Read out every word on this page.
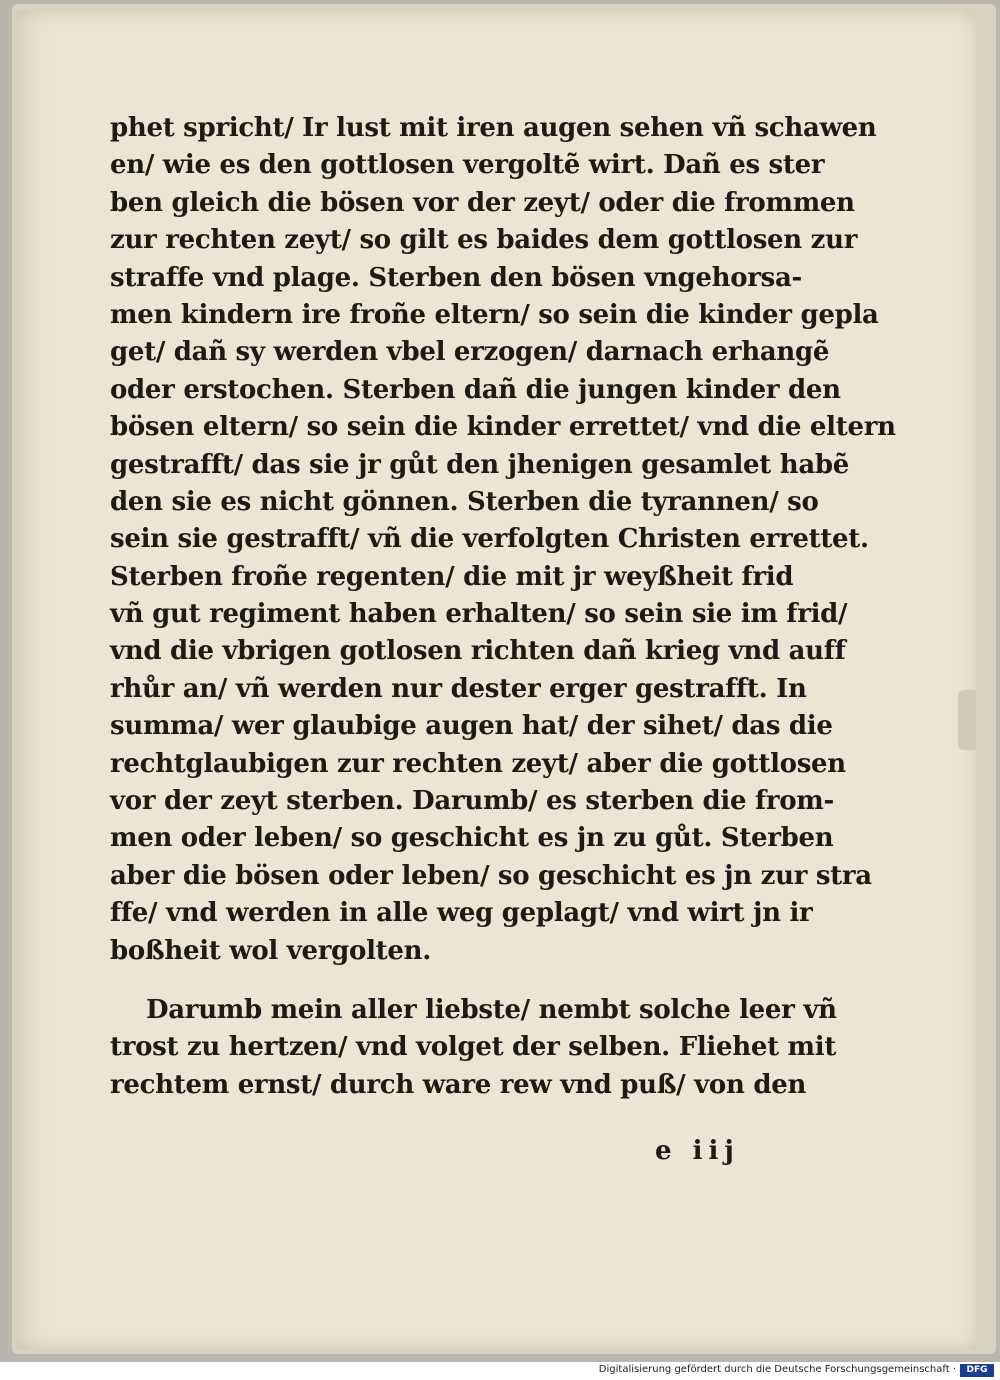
phet spricht/ Ir lust mit iren augen sehen vñ schawen
en/ wie es den gottlosen vergoltẽ wirt. Dañ es ster
ben gleich die bösen vor der zeyt/ oder die frommen
zur rechten zeyt/ so gilt es baides dem gottlosen zur
straffe vnd plage. Sterben den bösen vngehorsa-
men kindern ire froñe eltern/ so sein die kinder gepla
get/ dañ sy werden vbel erzogen/ darnach erhangẽ
oder erstochen. Sterben dañ die jungen kinder den
bösen eltern/ so sein die kinder errettet/ vnd die eltern
gestrafft/ das sie jr gůt den jhenigen gesamlet habẽ
den sie es nicht gönnen. Sterben die tyrannen/ so
sein sie gestrafft/ vñ die verfolgten Christen errettet.
Sterben froñe regenten/ die mit jr weyßheit frid
vñ gut regiment haben erhalten/ so sein sie im frid/
vnd die vbrigen gotlosen richten dañ krieg vnd auff
rhůr an/ vñ werden nur dester erger gestrafft. In
summa/ wer glaubige augen hat/ der sihet/ das die
rechtglaubigen zur rechten zeyt/ aber die gottlosen
vor der zeyt sterben. Darumb/ es sterben die from-
men oder leben/ so geschicht es jn zu gůt. Sterben
aber die bösen oder leben/ so geschicht es jn zur stra
ffe/ vnd werden in alle weg geplagt/ vnd wirt jn ir
boßheit wol vergolten.
Darumb mein aller liebste/ nembt solche leer vñ
trost zu hertzen/ vnd volget der selben. Fliehet mit
rechtem ernst/ durch ware rew vnd puß/ von den
e iij
Digitalisierung gefördert durch die Deutsche Forschungsgemeinschaft ·	DFG
